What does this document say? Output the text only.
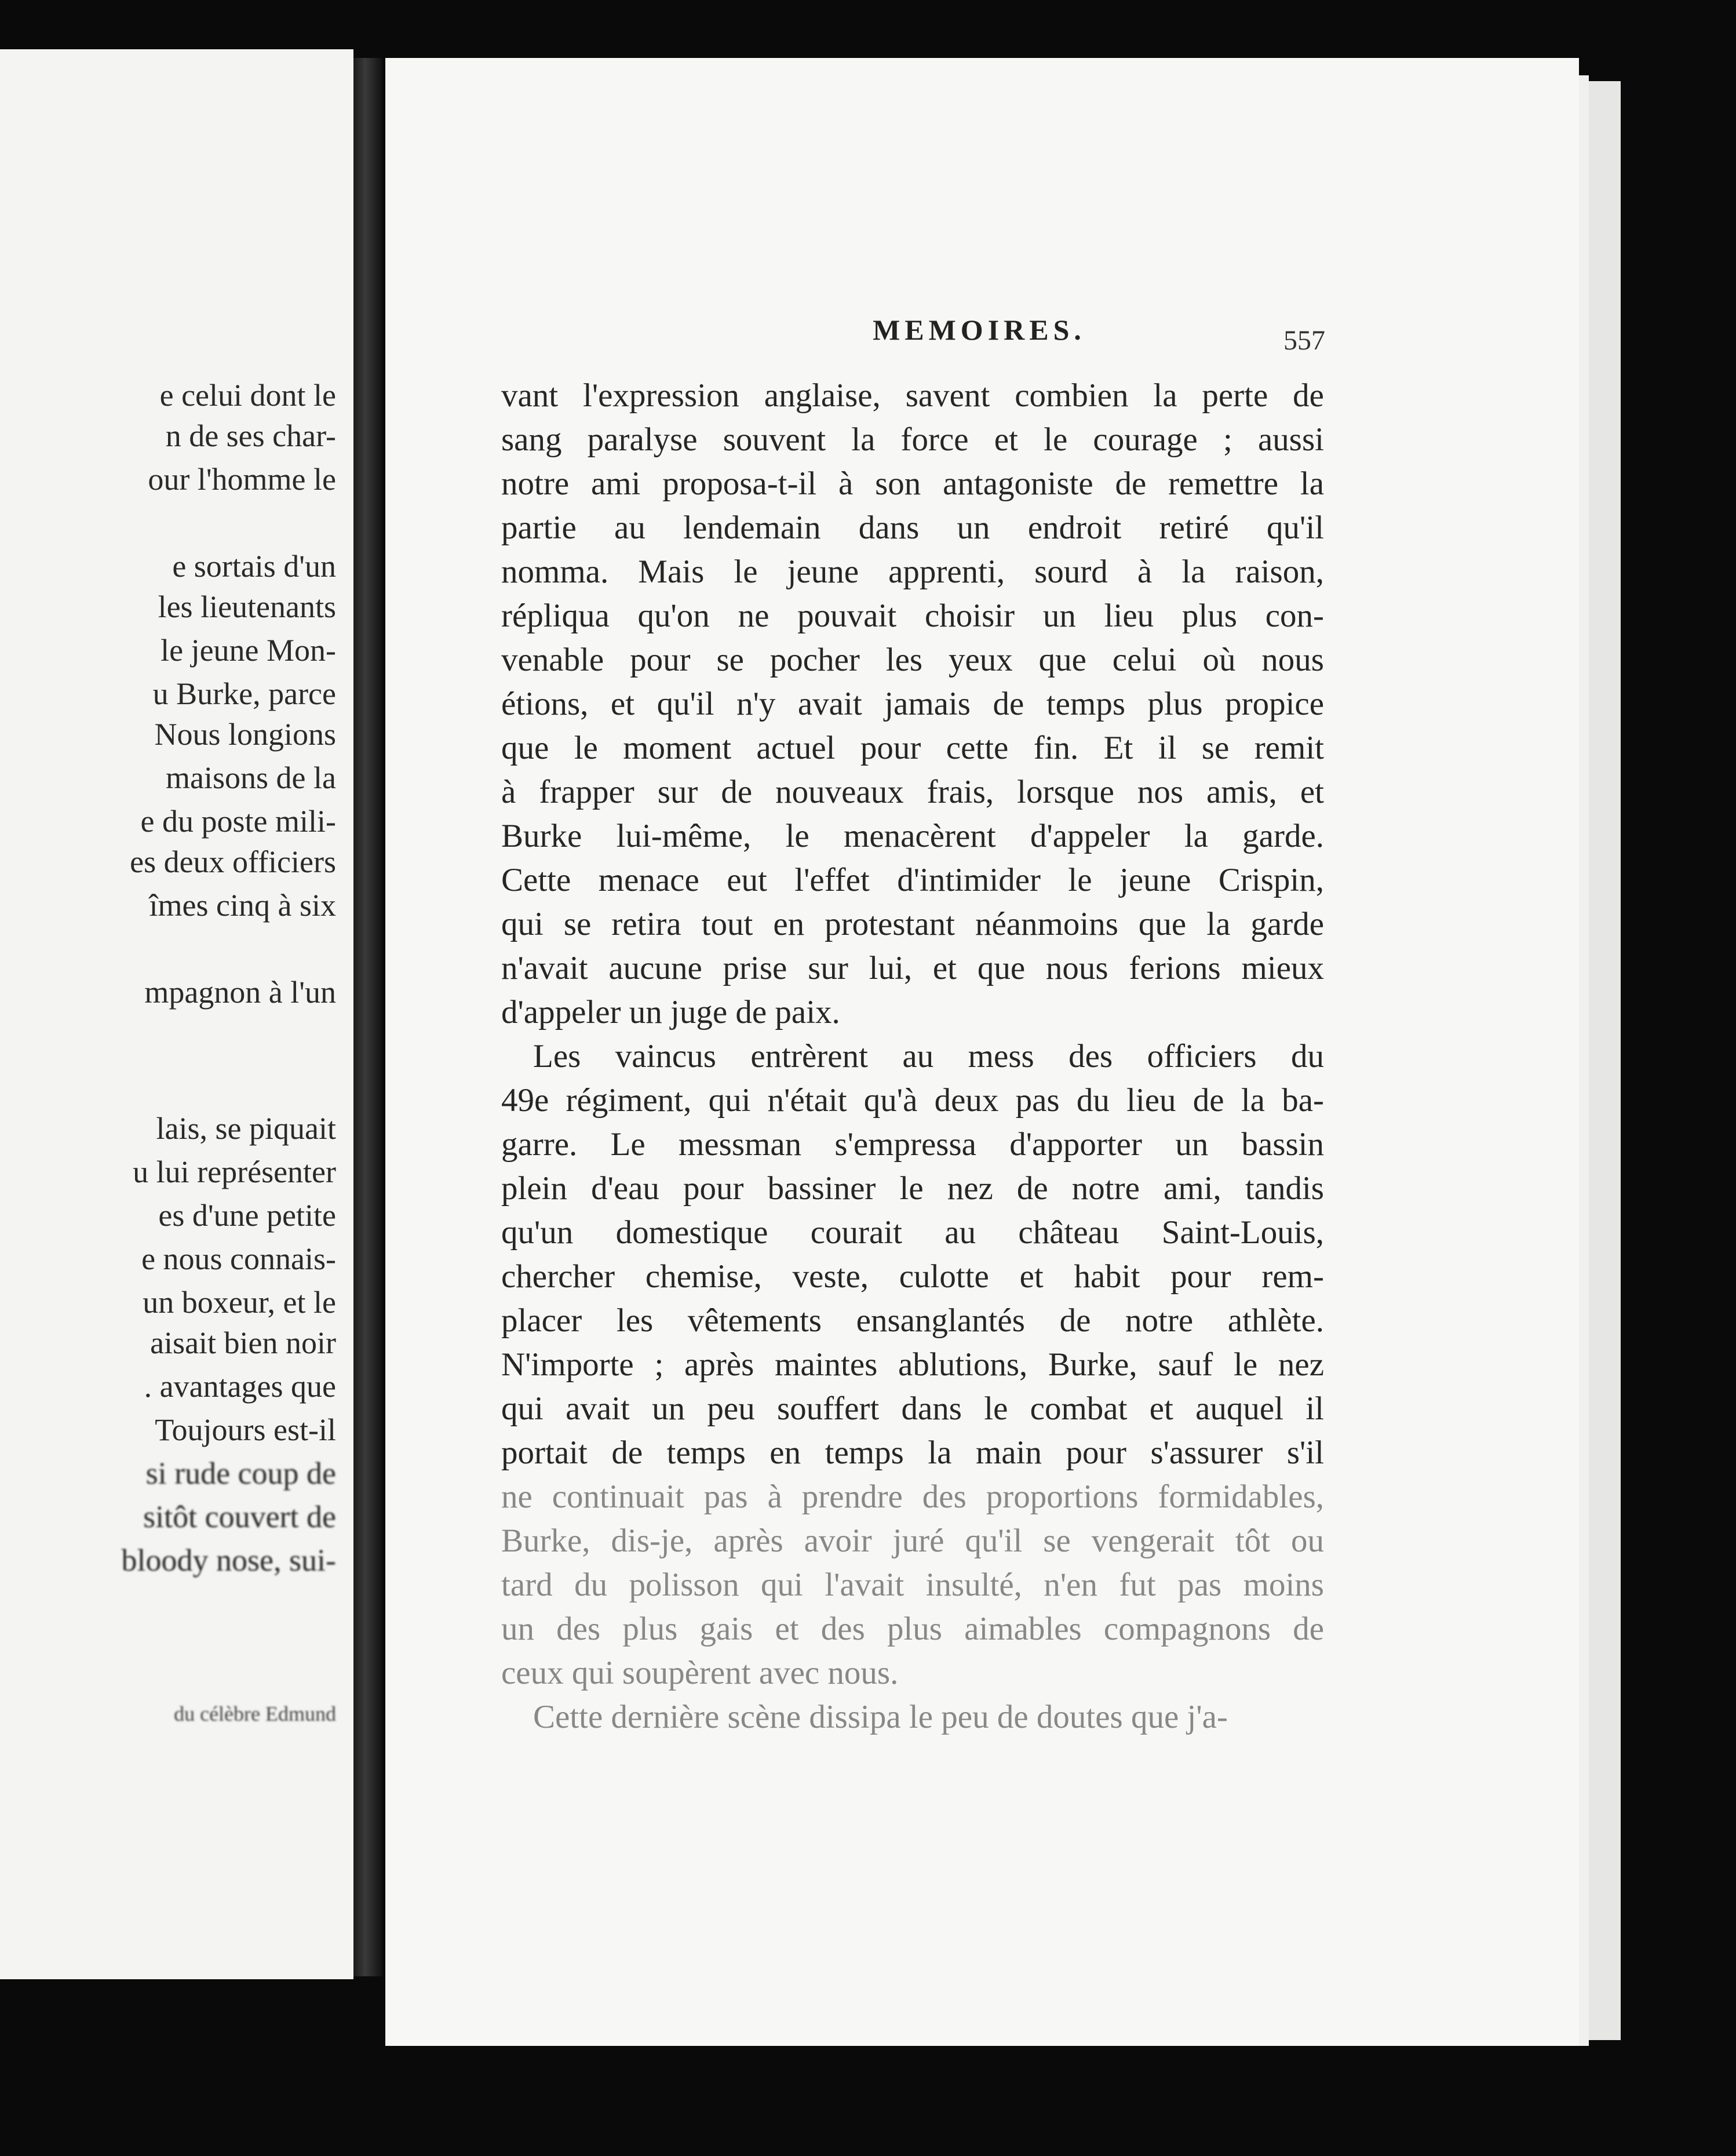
e celui dont le
n de ses char-
our l'homme le
e sortais d'un
les lieutenants
le jeune Mon-
u Burke, parce
Nous longions
maisons de la
e du poste mili-
es deux officiers
îmes cinq à six
mpagnon à l'un
lais, se piquait
u lui représenter
es d'une petite
e nous connais-
un boxeur, et le
aisait bien noir
. avantages que
Toujours est-il
si rude coup de
sitôt couvert de
bloody nose, sui-
du célèbre Edmund
MEMOIRES.	557
vant l'expression anglaise, savent combien la perte de
sang paralyse souvent la force et le courage ; aussi
notre ami proposa-t-il à son antagoniste de remettre la
partie au lendemain dans un endroit retiré qu'il
nomma. Mais le jeune apprenti, sourd à la raison,
répliqua qu'on ne pouvait choisir un lieu plus con-
venable pour se pocher les yeux que celui où nous
étions, et qu'il n'y avait jamais de temps plus propice
que le moment actuel pour cette fin. Et il se remit
à frapper sur de nouveaux frais, lorsque nos amis, et
Burke lui-même, le menacèrent d'appeler la garde.
Cette menace eut l'effet d'intimider le jeune Crispin,
qui se retira tout en protestant néanmoins que la garde
n'avait aucune prise sur lui, et que nous ferions mieux
d'appeler un juge de paix.
Les vaincus entrèrent au mess des officiers du
49e régiment, qui n'était qu'à deux pas du lieu de la ba-
garre. Le messman s'empressa d'apporter un bassin
plein d'eau pour bassiner le nez de notre ami, tandis
qu'un domestique courait au château Saint-Louis,
chercher chemise, veste, culotte et habit pour rem-
placer les vêtements ensanglantés de notre athlète.
N'importe ; après maintes ablutions, Burke, sauf le nez
qui avait un peu souffert dans le combat et auquel il
portait de temps en temps la main pour s'assurer s'il
ne continuait pas à prendre des proportions formidables,
Burke, dis-je, après avoir juré qu'il se vengerait tôt ou
tard du polisson qui l'avait insulté, n'en fut pas moins
un des plus gais et des plus aimables compagnons de
ceux qui soupèrent avec nous.
Cette dernière scène dissipa le peu de doutes que j'a-
